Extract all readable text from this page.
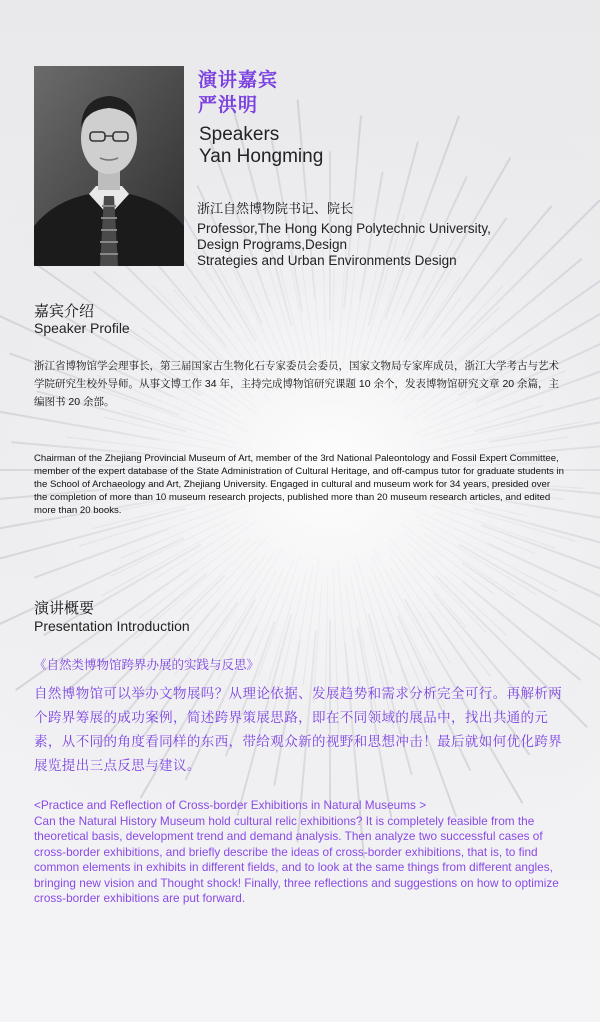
演讲嘉宾
严洪明
Speakers
Yan Hongming
浙江自然博物院书记、院长
Professor,The Hong Kong Polytechnic University,
Design Programs,Design
Strategies and Urban Environments Design
嘉宾介绍
Speaker Profile
浙江省博物馆学会理事长，第三届国家古生物化石专家委员会委员，国家文物局专家库成员，浙江大学考古与艺术学院研究生校外导师。从事文博工作 34 年，主持完成博物馆研究课题 10 余个，发表博物馆研究文章 20 余篇，主编图书 20 余部。
Chairman of the Zhejiang Provincial Museum of Art, member of the 3rd National Paleontology and Fossil Expert Committee, member of the expert database of the State Administration of Cultural Heritage, and off-campus tutor for graduate students in the School of Archaeology and Art, Zhejiang University. Engaged in cultural and museum work for 34 years, presided over the completion of more than 10 museum research projects, published more than 20 museum research articles, and edited more than 20 books.
演讲概要
Presentation Introduction
《自然类博物馆跨界办展的实践与反思》
自然博物馆可以举办文物展吗？从理论依据、发展趋势和需求分析完全可行。再解析两个跨界筹展的成功案例，简述跨界策展思路，即在不同领域的展品中，找出共通的元素，从不同的角度看同样的东西，带给观众新的视野和思想冲击！最后就如何优化跨界展览提出三点反思与建议。
<Practice and Reflection of Cross-border Exhibitions in Natural Museums >
Can the Natural History Museum hold cultural relic exhibitions? It is completely feasible from the theoretical basis, development trend and demand analysis. Then analyze two successful cases of cross-border exhibitions, and briefly describe the ideas of cross-border exhibitions, that is, to find common elements in exhibits in different fields, and to look at the same things from different angles, bringing new vision and Thought shock! Finally, three reflections and suggestions on how to optimize cross-border exhibitions are put forward.
